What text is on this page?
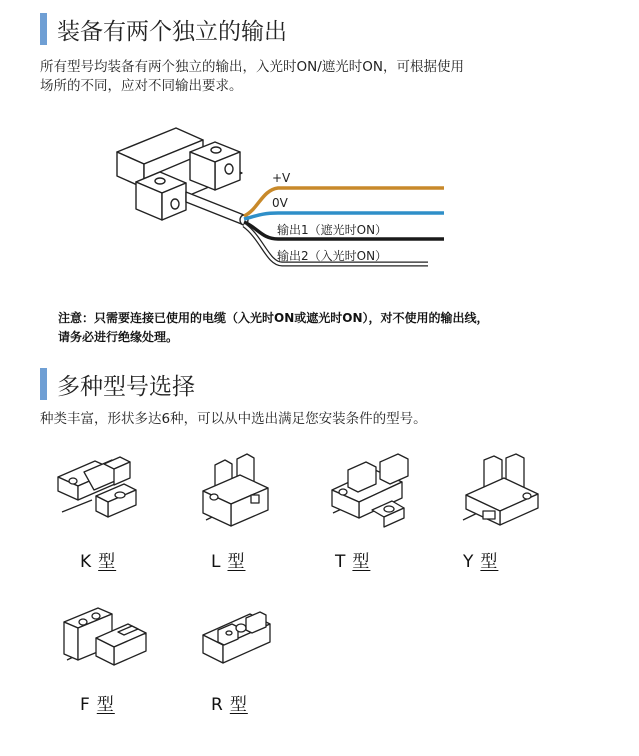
装备有两个独立的输出
所有型号均装备有两个独立的输出，入光时ON/遮光时ON，可根据使用
场所的不同，应对不同输出要求。
+V
0V
输出1（遮光时ON）
输出2（入光时ON）
注意：只需要连接已使用的电缆（入光时ON或遮光时ON），对不使用的输出线，
请务必进行绝缘处理。
多种型号选择
种类丰富，形状多达6种，可以从中选出满足您安装条件的型号。
K 型	L 型	T 型	Y 型
F 型	R 型
